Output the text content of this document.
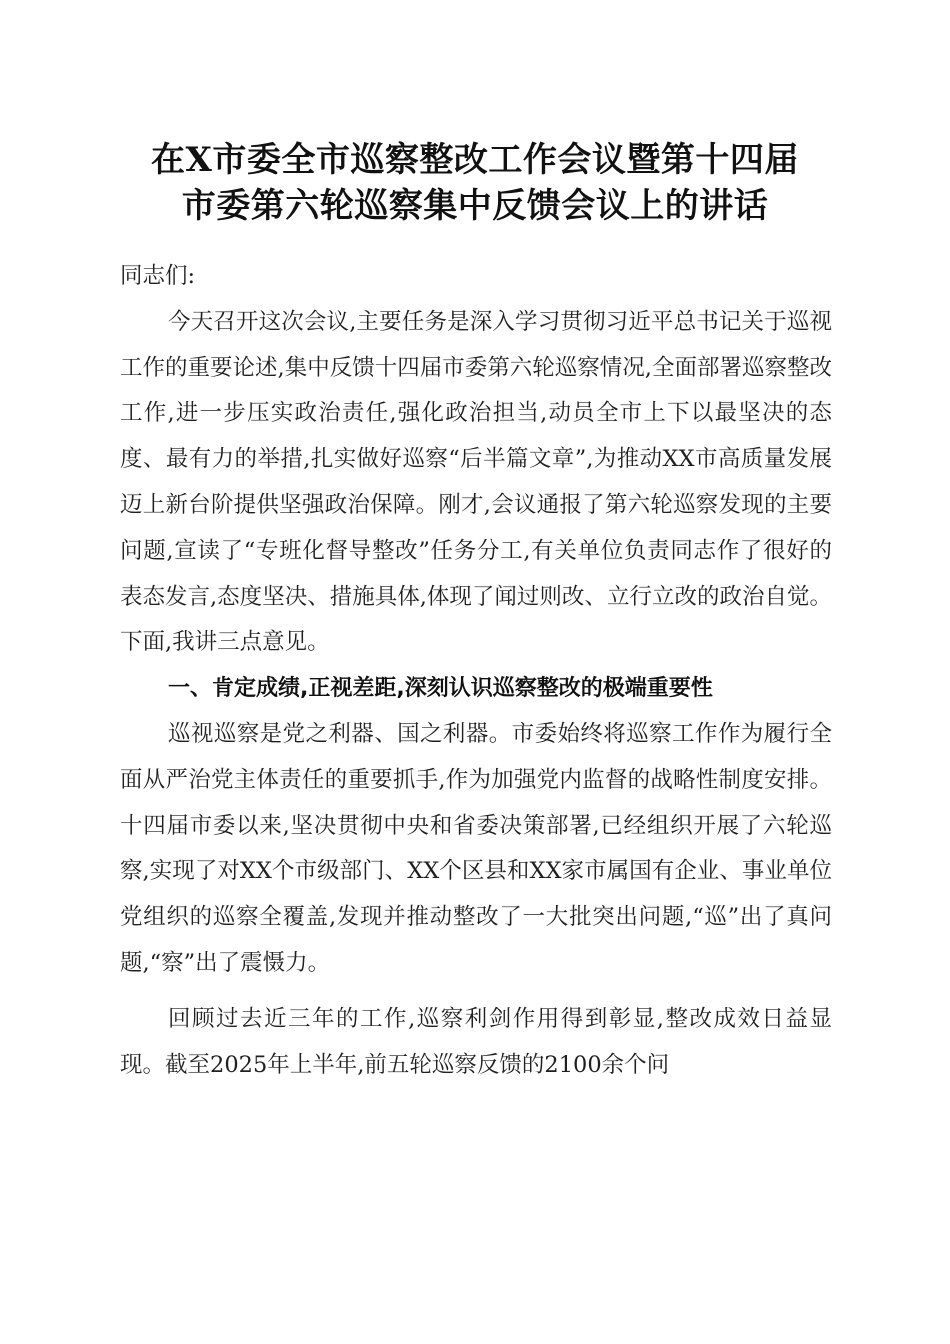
在X市委全市巡察整改工作会议暨第十四届
市委第六轮巡察集中反馈会议上的讲话

同志们:

今天召开这次会议,主要任务是深入学习贯彻习近平总书记关于巡视工作的重要论述,集中反馈十四届市委第六轮巡察情况,全面部署巡察整改工作,进一步压实政治责任,强化政治担当,动员全市上下以最坚决的态度、最有力的举措,扎实做好巡察“后半篇文章”,为推动XX市高质量发展迈上新台阶提供坚强政治保障。刚才,会议通报了第六轮巡察发现的主要问题,宣读了“专班化督导整改”任务分工,有关单位负责同志作了很好的表态发言,态度坚决、措施具体,体现了闻过则改、立行立改的政治自觉。下面,我讲三点意见。

一、肯定成绩,正视差距,深刻认识巡察整改的极端重要性

巡视巡察是党之利器、国之利器。市委始终将巡察工作作为履行全面从严治党主体责任的重要抓手,作为加强党内监督的战略性制度安排。十四届市委以来,坚决贯彻中央和省委决策部署,已经组织开展了六轮巡察,实现了对XX个市级部门、XX个区县和XX家市属国有企业、事业单位党组织的巡察全覆盖,发现并推动整改了一大批突出问题,“巡”出了真问题,“察”出了震慑力。

回顾过去近三年的工作,巡察利剑作用得到彰显,整改成效日益显现。截至2025年上半年,前五轮巡察反馈的2100余个问
